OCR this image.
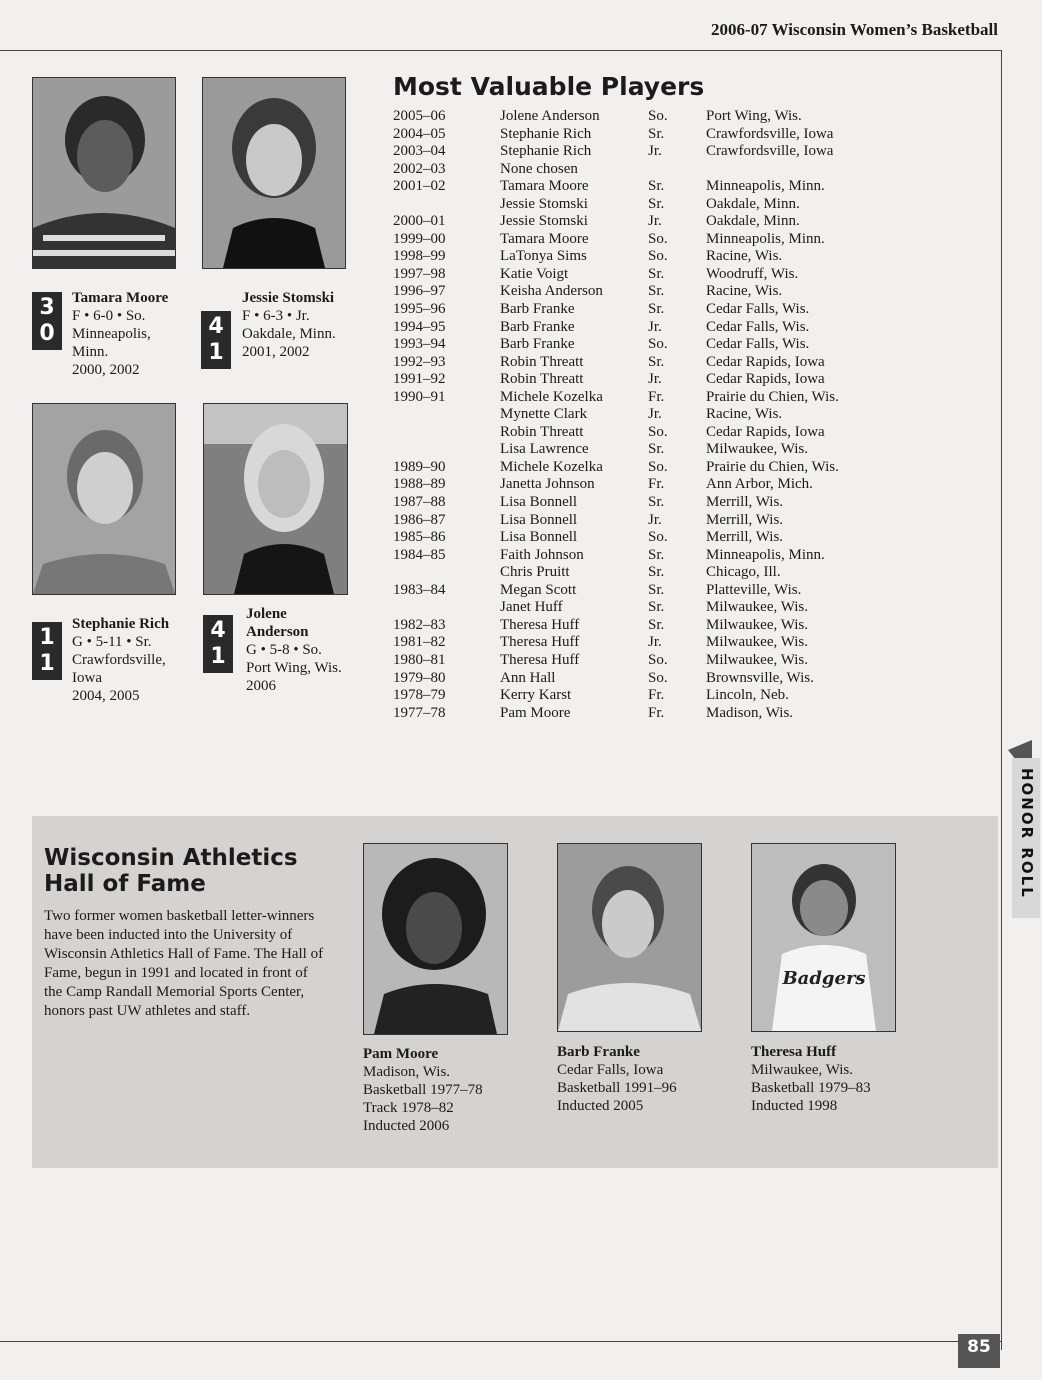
2006-07 Wisconsin Women’s Basketball
3
0
Tamara Moore
F • 6-0 • So.
Minneapolis,
Minn.
2000, 2002
4
1
Jessie Stomski
F • 6-3 • Jr.
Oakdale, Minn.
2001, 2002
1
1
Stephanie Rich
G • 5-11 • Sr.
Crawfordsville,
Iowa
2004, 2005
4
1
Jolene
Anderson
G • 5-8 • So.
Port Wing, Wis.
2006
Most Valuable Players
2005–06	Jolene Anderson	So.	Port Wing, Wis.
2004–05	Stephanie Rich	Sr.	Crawfordsville, Iowa
2003–04	Stephanie Rich	Jr.	Crawfordsville, Iowa
2002–03	None chosen
2001–02	Tamara Moore	Sr.	Minneapolis, Minn.
Jessie Stomski	Sr.	Oakdale, Minn.
2000–01	Jessie Stomski	Jr.	Oakdale, Minn.
1999–00	Tamara Moore	So.	Minneapolis, Minn.
1998–99	LaTonya Sims	So.	Racine, Wis.
1997–98	Katie Voigt	Sr.	Woodruff, Wis.
1996–97	Keisha Anderson	Sr.	Racine, Wis.
1995–96	Barb Franke	Sr.	Cedar Falls, Wis.
1994–95	Barb Franke	Jr.	Cedar Falls, Wis.
1993–94	Barb Franke	So.	Cedar Falls, Wis.
1992–93	Robin Threatt	Sr.	Cedar Rapids, Iowa
1991–92	Robin Threatt	Jr.	Cedar Rapids, Iowa
1990–91	Michele Kozelka	Fr.	Prairie du Chien, Wis.
Mynette Clark	Jr.	Racine, Wis.
Robin Threatt	So.	Cedar Rapids, Iowa
Lisa Lawrence	Sr.	Milwaukee, Wis.
1989–90	Michele Kozelka	So.	Prairie du Chien, Wis.
1988–89	Janetta Johnson	Fr.	Ann Arbor, Mich.
1987–88	Lisa Bonnell	Sr.	Merrill, Wis.
1986–87	Lisa Bonnell	Jr.	Merrill, Wis.
1985–86	Lisa Bonnell	So.	Merrill, Wis.
1984–85	Faith Johnson	Sr.	Minneapolis, Minn.
Chris Pruitt	Sr.	Chicago, Ill.
1983–84	Megan Scott	Sr.	Platteville, Wis.
Janet Huff	Sr.	Milwaukee, Wis.
1982–83	Theresa Huff	Sr.	Milwaukee, Wis.
1981–82	Theresa Huff	Jr.	Milwaukee, Wis.
1980–81	Theresa Huff	So.	Milwaukee, Wis.
1979–80	Ann Hall	So.	Brownsville, Wis.
1978–79	Kerry Karst	Fr.	Lincoln, Neb.
1977–78	Pam Moore	Fr.	Madison, Wis.
Wisconsin Athletics
Hall of Fame
Two former women basketball letter-winners have been inducted into the University of Wisconsin Athletics Hall of Fame. The Hall of Fame, begun in 1991 and located in front of the Camp Randall Memorial Sports Center, honors past UW athletes and staff.
Badgers
Pam Moore
Madison, Wis.
Basketball 1977–78
Track 1978–82
Inducted 2006
Barb Franke
Cedar Falls, Iowa
Basketball 1991–96
Inducted 2005
Theresa Huff
Milwaukee, Wis.
Basketball 1979–83
Inducted 1998
HONOR ROLL
85
